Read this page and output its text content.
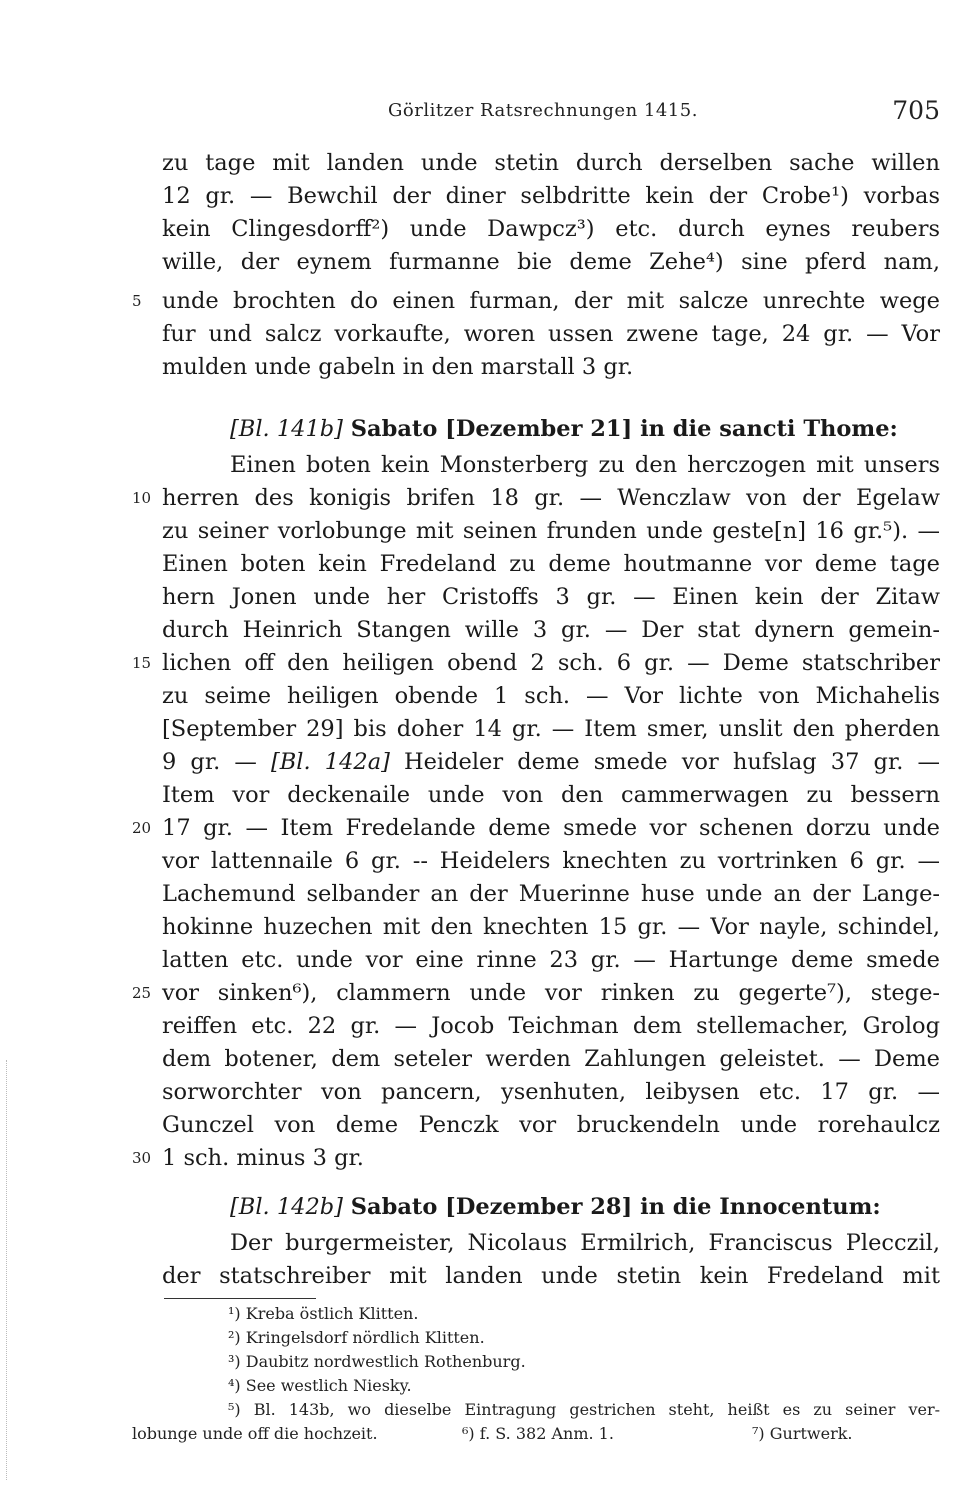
Görlitzer Ratsrechnungen 1415.	705
zu tage mit landen unde stetin durch derselben sache willen
12 gr. — Bewchil der diner selbdritte kein der Crobe¹) vorbas
kein Clingesdorff²) unde Dawpcz³) etc. durch eynes reubers
wille, der eynem furmanne bie deme Zehe⁴) sine pferd nam,
5 unde brochten do einen furman, der mit salcze unrechte wege
fur und salcz vorkaufte, woren ussen zwene tage, 24 gr. — Vor
mulden unde gabeln in den marstall 3 gr.
[Bl. 141b] Sabato [Dezember 21] in die sancti Thome:
Einen boten kein Monsterberg zu den herczogen mit unsers
10 herren des konigis brifen 18 gr. — Wenczlaw von der Egelaw
zu seiner vorlobunge mit seinen frunden unde geste[n] 16 gr.⁵). —
Einen boten kein Fredeland zu deme houtmanne vor deme tage
hern Jonen unde her Cristoffs 3 gr. — Einen kein der Zitaw
durch Heinrich Stangen wille 3 gr. — Der stat dynern gemein-
15 lichen off den heiligen obend 2 sch. 6 gr. — Deme statschriber
zu seime heiligen obende 1 sch. — Vor lichte von Michahelis
[September 29] bis doher 14 gr. — Item smer, unslit den pherden
9 gr. — [Bl. 142a] Heideler deme smede vor hufslag 37 gr. —
Item vor deckenaile unde von den cammerwagen zu bessern
20 17 gr. — Item Fredelande deme smede vor schenen dorzu unde
vor lattennaile 6 gr. -- Heidelers knechten zu vortrinken 6 gr. —
Lachemund selbander an der Muerinne huse unde an der Lange-
hokinne huzechen mit den knechten 15 gr. — Vor nayle, schindel,
latten etc. unde vor eine rinne 23 gr. — Hartunge deme smede
25 vor sinken⁶), clammern unde vor rinken zu gegerte⁷), stege-
reiffen etc. 22 gr. — Jocob Teichman dem stellemacher, Grolog
dem botener, dem seteler werden Zahlungen geleistet. — Deme
sorworchter von pancern, ysenhuten, leibysen etc. 17 gr. —
Gunczel von deme Penczk vor bruckendeln unde rorehaulcz
30 1 sch. minus 3 gr.
[Bl. 142b] Sabato [Dezember 28] in die Innocentum:
Der burgermeister, Nicolaus Ermilrich, Franciscus Plecczil,
der statschreiber mit landen unde stetin kein Fredeland mit
¹) Kreba östlich Klitten.
²) Kringelsdorf nördlich Klitten.
³) Daubitz nordwestlich Rothenburg.
⁴) See westlich Niesky.
⁵) Bl. 143b, wo dieselbe Eintragung gestrichen steht, heißt es zu seiner ver-
lobunge unde off die hochzeit.	⁶) f. S. 382 Anm. 1.	⁷) Gurtwerk.
